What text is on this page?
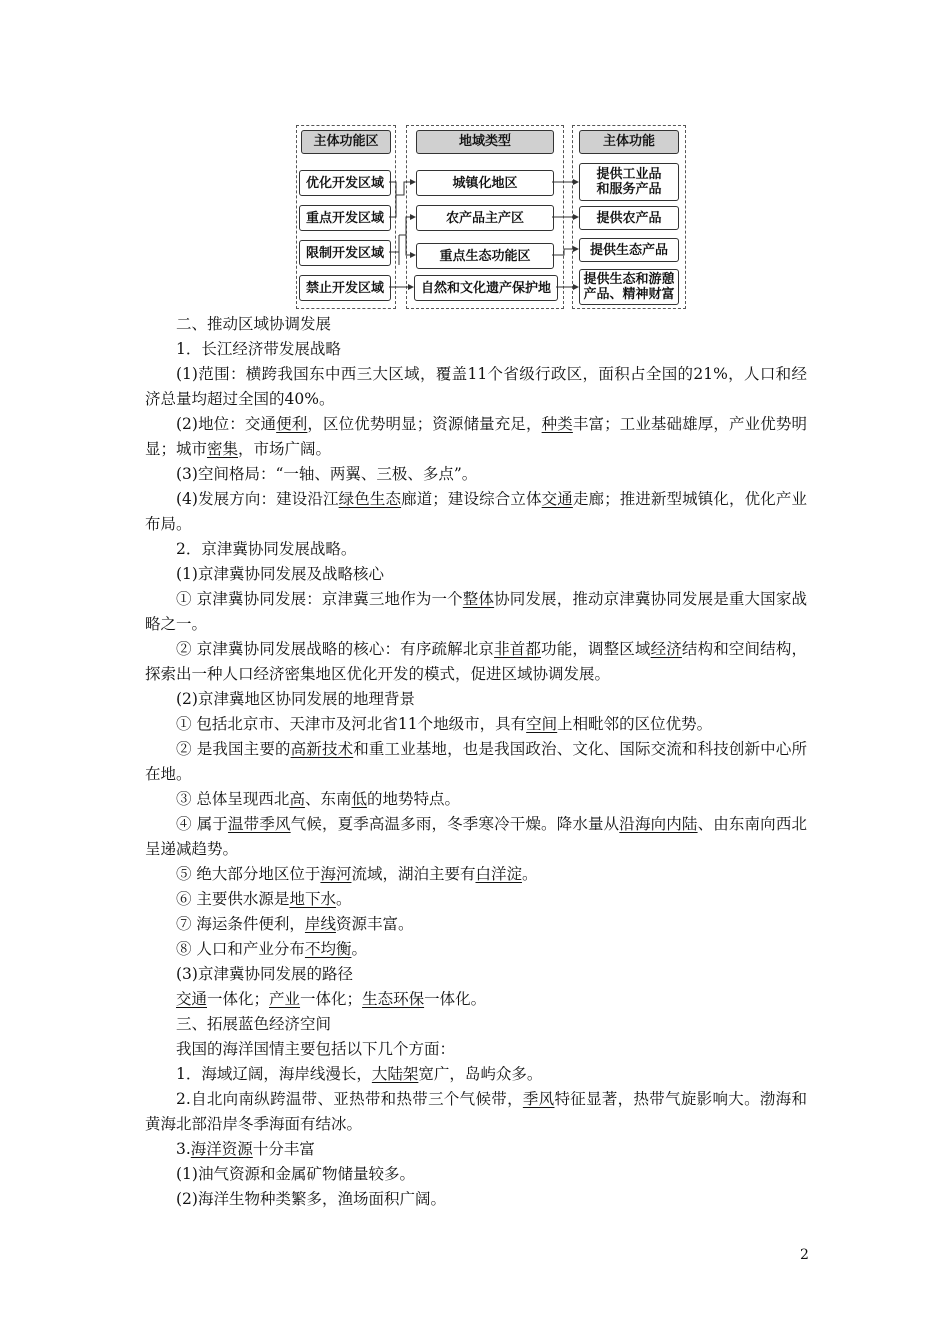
主体功能区	地域类型	主体功能
优化开发区域
重点开发区域
限制开发区域
禁止开发区域
城镇化地区
农产品主产区
重点生态功能区
自然和文化遗产保护地
提供工业品
和服务产品
提供农产品
提供生态产品
提供生态和游憩
产品、精神财富

二、推动区域协调发展

1．长江经济带发展战略

(1)范围：横跨我国东中西三大区域，覆盖11个省级行政区，面积占全国的21%，人口和经济总量均超过全国的40%。

(2)地位：交通便利，区位优势明显；资源储量充足，种类丰富；工业基础雄厚，产业优势明显；城市密集，市场广阔。

(3)空间格局：“一轴、两翼、三极、多点”。

(4)发展方向：建设沿江绿色生态廊道；建设综合立体交通走廊；推进新型城镇化，优化产业布局。

2．京津冀协同发展战略。

(1)京津冀协同发展及战略核心

① 京津冀协同发展：京津冀三地作为一个整体协同发展，推动京津冀协同发展是重大国家战略之一。

② 京津冀协同发展战略的核心：有序疏解北京非首都功能，调整区域经济结构和空间结构，探索出一种人口经济密集地区优化开发的模式，促进区域协调发展。

(2)京津冀地区协同发展的地理背景

① 包括北京市、天津市及河北省11个地级市，具有空间上相毗邻的区位优势。

② 是我国主要的高新技术和重工业基地，也是我国政治、文化、国际交流和科技创新中心所在地。

③ 总体呈现西北高、东南低的地势特点。

④ 属于温带季风气候，夏季高温多雨，冬季寒冷干燥。降水量从沿海向内陆、由东南向西北呈递减趋势。

⑤ 绝大部分地区位于海河流域，湖泊主要有白洋淀。

⑥ 主要供水源是地下水。

⑦ 海运条件便利，岸线资源丰富。

⑧ 人口和产业分布不均衡。

(3)京津冀协同发展的路径

交通一体化；产业一体化；生态环保一体化。

三、拓展蓝色经济空间

我国的海洋国情主要包括以下几个方面：

1．海域辽阔，海岸线漫长，大陆架宽广，岛屿众多。

2.自北向南纵跨温带、亚热带和热带三个气候带，季风特征显著，热带气旋影响大。渤海和黄海北部沿岸冬季海面有结冰。

3.海洋资源十分丰富

(1)油气资源和金属矿物储量较多。

(2)海洋生物种类繁多，渔场面积广阔。

2
